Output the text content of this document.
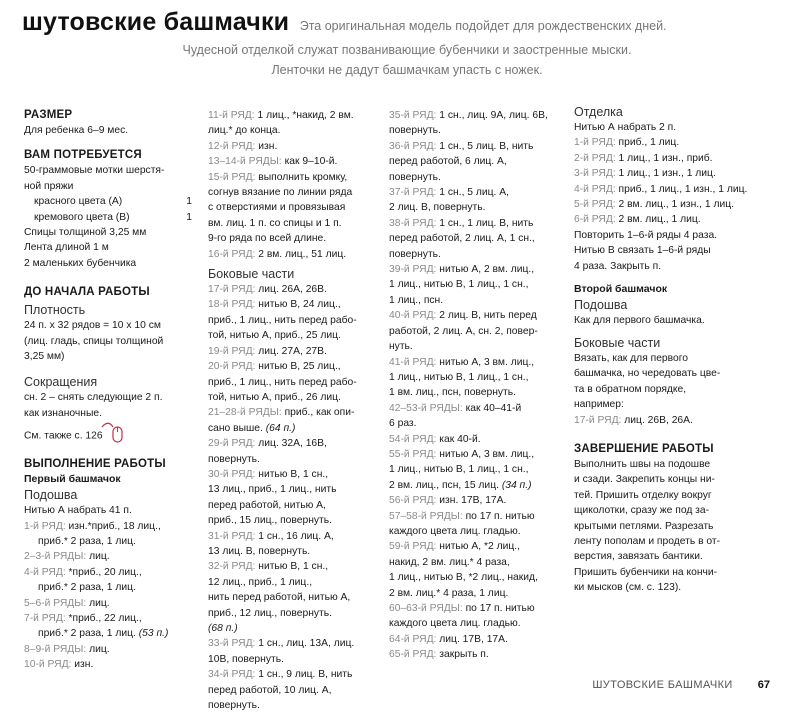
шутовские башмачки Эта оригинальная модель подойдет для рождественских дней.
Чудесной отделкой служат позванивающие бубенчики и заостренные мыски.
Ленточки не дадут башмачкам упасть с ножек.
РАЗМЕР
Для ребенка 6–9 мес.
ВАМ ПОТРЕБУЕТСЯ
50-граммовые мотки шерстя-
ной пряжи
красного цвета (А)	1
кремового цвета (В)	1
Спицы толщиной 3,25 мм
Лента длиной 1 м
2 маленьких бубенчика
ДО НАЧАЛА РАБОТЫ
Плотность
24 п. х 32 рядов = 10 х 10 см
(лиц. гладь, спицы толщиной
3,25 мм)
Сокращения
сн. 2 – снять следующие 2 п.
как изнаночные.
См. также с. 126
ВЫПОЛНЕНИЕ РАБОТЫ
Первый башмачок
Подошва
Нитью А набрать 41 п.
1-й РЯД: изн.*приб., 18 лиц.,
приб.* 2 раза, 1 лиц.
2–3-й РЯДЫ: лиц.
4-й РЯД: *приб., 20 лиц.,
приб.* 2 раза, 1 лиц.
5–6-й РЯДЫ: лиц.
7-й РЯД: *приб., 22 лиц.,
приб.* 2 раза, 1 лиц. (53 п.)
8–9-й РЯДЫ: лиц.
10-й РЯД: изн.
11-й РЯД: 1 лиц., *накид, 2 вм.
лиц.* до конца.
12-й РЯД: изн.
13–14-й РЯДЫ: как 9–10-й.
15-й РЯД: выполнить кромку,
согнув вязание по линии ряда
с отверстиями и провязывая
вм. лиц. 1 п. со спицы и 1 п.
9-го ряда по всей длине.
16-й РЯД: 2 вм. лиц., 51 лиц.
Боковые части
17-й РЯД: лиц. 26А, 26В.
18-й РЯД: нитью В, 24 лиц.,
приб., 1 лиц., нить перед рабо-
той, нитью А, приб., 25 лиц.
19-й РЯД: лиц. 27А, 27В.
20-й РЯД: нитью В, 25 лиц.,
приб., 1 лиц., нить перед рабо-
той, нитью А, приб., 26 лиц.
21–28-й РЯДЫ: приб., как опи-
сано выше. (64 п.)
29-й РЯД: лиц. 32А, 16В,
повернуть.
30-й РЯД: нитью В, 1 сн.,
13 лиц., приб., 1 лиц., нить
перед работой, нитью А,
приб., 15 лиц., повернуть.
31-й РЯД: 1 сн., 16 лиц. А,
13 лиц. В, повернуть.
32-й РЯД: нитью В, 1 сн.,
12 лиц., приб., 1 лиц.,
нить перед работой, нитью А,
приб., 12 лиц., повернуть.
(68 п.)
33-й РЯД: 1 сн., лиц. 13А, лиц.
10В, повернуть.
34-й РЯД: 1 сн., 9 лиц. В, нить
перед работой, 10 лиц. А,
повернуть.
35-й РЯД: 1 сн., лиц. 9А, лиц. 6В,
повернуть.
36-й РЯД: 1 сн., 5 лиц. В, нить
перед работой, 6 лиц. А,
повернуть.
37-й РЯД: 1 сн., 5 лиц. А,
2 лиц. В, повернуть.
38-й РЯД: 1 сн., 1 лиц. В, нить
перед работой, 2 лиц. А, 1 сн.,
повернуть.
39-й РЯД: нитью А, 2 вм. лиц.,
1 лиц., нитью В, 1 лиц., 1 сн.,
1 лиц., псн.
40-й РЯД: 2 лиц. В, нить перед
работой, 2 лиц. А, сн. 2, повер-
нуть.
41-й РЯД: нитью А, 3 вм. лиц.,
1 лиц., нитью В, 1 лиц., 1 сн.,
1 вм. лиц., псн, повернуть.
42–53-й РЯДЫ: как 40–41-й
6 раз.
54-й РЯД: как 40-й.
55-й РЯД: нитью А, 3 вм. лиц.,
1 лиц., нитью В, 1 лиц., 1 сн.,
2 вм. лиц., псн, 15 лиц. (34 п.)
56-й РЯД: изн. 17В, 17А.
57–58-й РЯДЫ: по 17 п. нитью
каждого цвета лиц. гладью.
59-й РЯД: нитью А, *2 лиц.,
накид, 2 вм. лиц.* 4 раза,
1 лиц., нитью В, *2 лиц., накид,
2 вм. лиц.* 4 раза, 1 лиц.
60–63-й РЯДЫ: по 17 п. нитью
каждого цвета лиц. гладью.
64-й РЯД: лиц. 17В, 17А.
65-й РЯД: закрыть п.
Отделка
Нитью А набрать 2 п.
1-й РЯД: приб., 1 лиц.
2-й РЯД: 1 лиц., 1 изн., приб.
3-й РЯД: 1 лиц., 1 изн., 1 лиц.
4-й РЯД: приб., 1 лиц., 1 изн., 1 лиц.
5-й РЯД: 2 вм. лиц., 1 изн., 1 лиц.
6-й РЯД: 2 вм. лиц., 1 лиц.
Повторить 1–6-й ряды 4 раза.
Нитью В связать 1–6-й ряды
4 раза. Закрыть п.
Второй башмачок
Подошва
Как для первого башмачка.
Боковые части
Вязать, как для первого
башмачка, но чередовать цве-
та в обратном порядке,
например:
17-й РЯД: лиц. 26В, 26А.
ЗАВЕРШЕНИЕ РАБОТЫ
Выполнить швы на подошве
и сзади. Закрепить концы ни-
тей. Пришить отделку вокруг
щиколотки, сразу же под за-
крытыми петлями. Разрезать
ленту пополам и продеть в от-
верстия, завязать бантики.
Пришить бубенчики на кончи-
ки мысков (см. с. 123).
ШУТОВСКИЕ БАШМАЧКИ 67
